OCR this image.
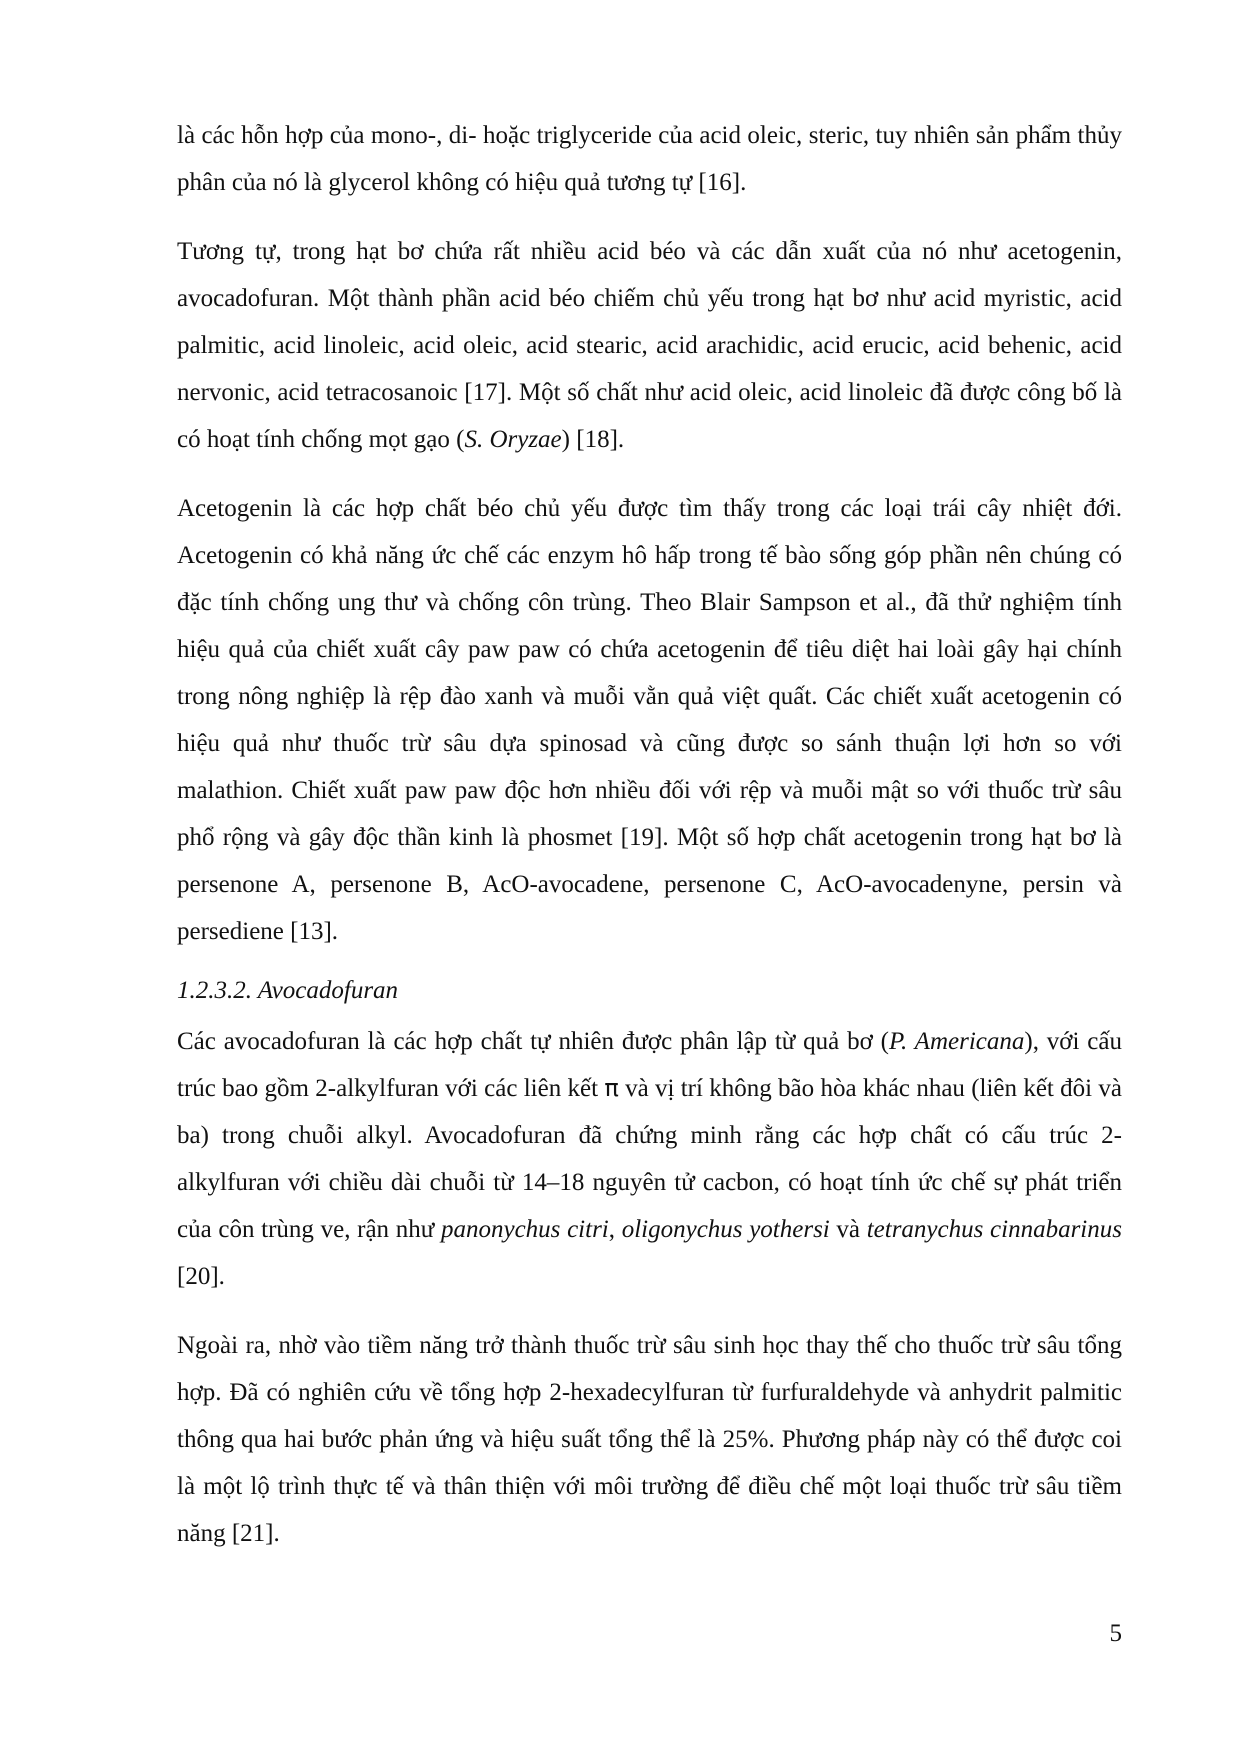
là các hỗn hợp của mono-, di- hoặc triglyceride của acid oleic, steric, tuy nhiên sản phẩm thủy phân của nó là glycerol không có hiệu quả tương tự [16].

Tương tự, trong hạt bơ chứa rất nhiều acid béo và các dẫn xuất của nó như acetogenin, avocadofuran. Một thành phần acid béo chiếm chủ yếu trong hạt bơ như acid myristic, acid palmitic, acid linoleic, acid oleic, acid stearic, acid arachidic, acid erucic, acid behenic, acid nervonic, acid tetracosanoic [17]. Một số chất như acid oleic, acid linoleic đã được công bố là có hoạt tính chống mọt gạo (S. Oryzae) [18].

Acetogenin là các hợp chất béo chủ yếu được tìm thấy trong các loại trái cây nhiệt đới. Acetogenin có khả năng ức chế các enzym hô hấp trong tế bào sống góp phần nên chúng có đặc tính chống ung thư và chống côn trùng. Theo Blair Sampson et al., đã thử nghiệm tính hiệu quả của chiết xuất cây paw paw có chứa acetogenin để tiêu diệt hai loài gây hại chính trong nông nghiệp là rệp đào xanh và muỗi vằn quả việt quất. Các chiết xuất acetogenin có hiệu quả như thuốc trừ sâu dựa spinosad và cũng được so sánh thuận lợi hơn so với malathion. Chiết xuất paw paw độc hơn nhiều đối với rệp và muỗi mật so với thuốc trừ sâu phổ rộng và gây độc thần kinh là phosmet [19]. Một số hợp chất acetogenin trong hạt bơ là persenone A, persenone B, AcO-avocadene, persenone C, AcO-avocadenyne, persin và persediene [13].

1.2.3.2. Avocadofuran

Các avocadofuran là các hợp chất tự nhiên được phân lập từ quả bơ (P. Americana), với cấu trúc bao gồm 2-alkylfuran với các liên kết π và vị trí không bão hòa khác nhau (liên kết đôi và ba) trong chuỗi alkyl. Avocadofuran đã chứng minh rằng các hợp chất có cấu trúc 2-alkylfuran với chiều dài chuỗi từ 14–18 nguyên tử cacbon, có hoạt tính ức chế sự phát triển của côn trùng ve, rận như panonychus citri, oligonychus yothersi và tetranychus cinnabarinus [20].

Ngoài ra, nhờ vào tiềm năng trở thành thuốc trừ sâu sinh học thay thế cho thuốc trừ sâu tổng hợp. Đã có nghiên cứu về tổng hợp 2-hexadecylfuran từ furfuraldehyde và anhydrit palmitic thông qua hai bước phản ứng và hiệu suất tổng thể là 25%. Phương pháp này có thể được coi là một lộ trình thực tế và thân thiện với môi trường để điều chế một loại thuốc trừ sâu tiềm năng [21].

5
